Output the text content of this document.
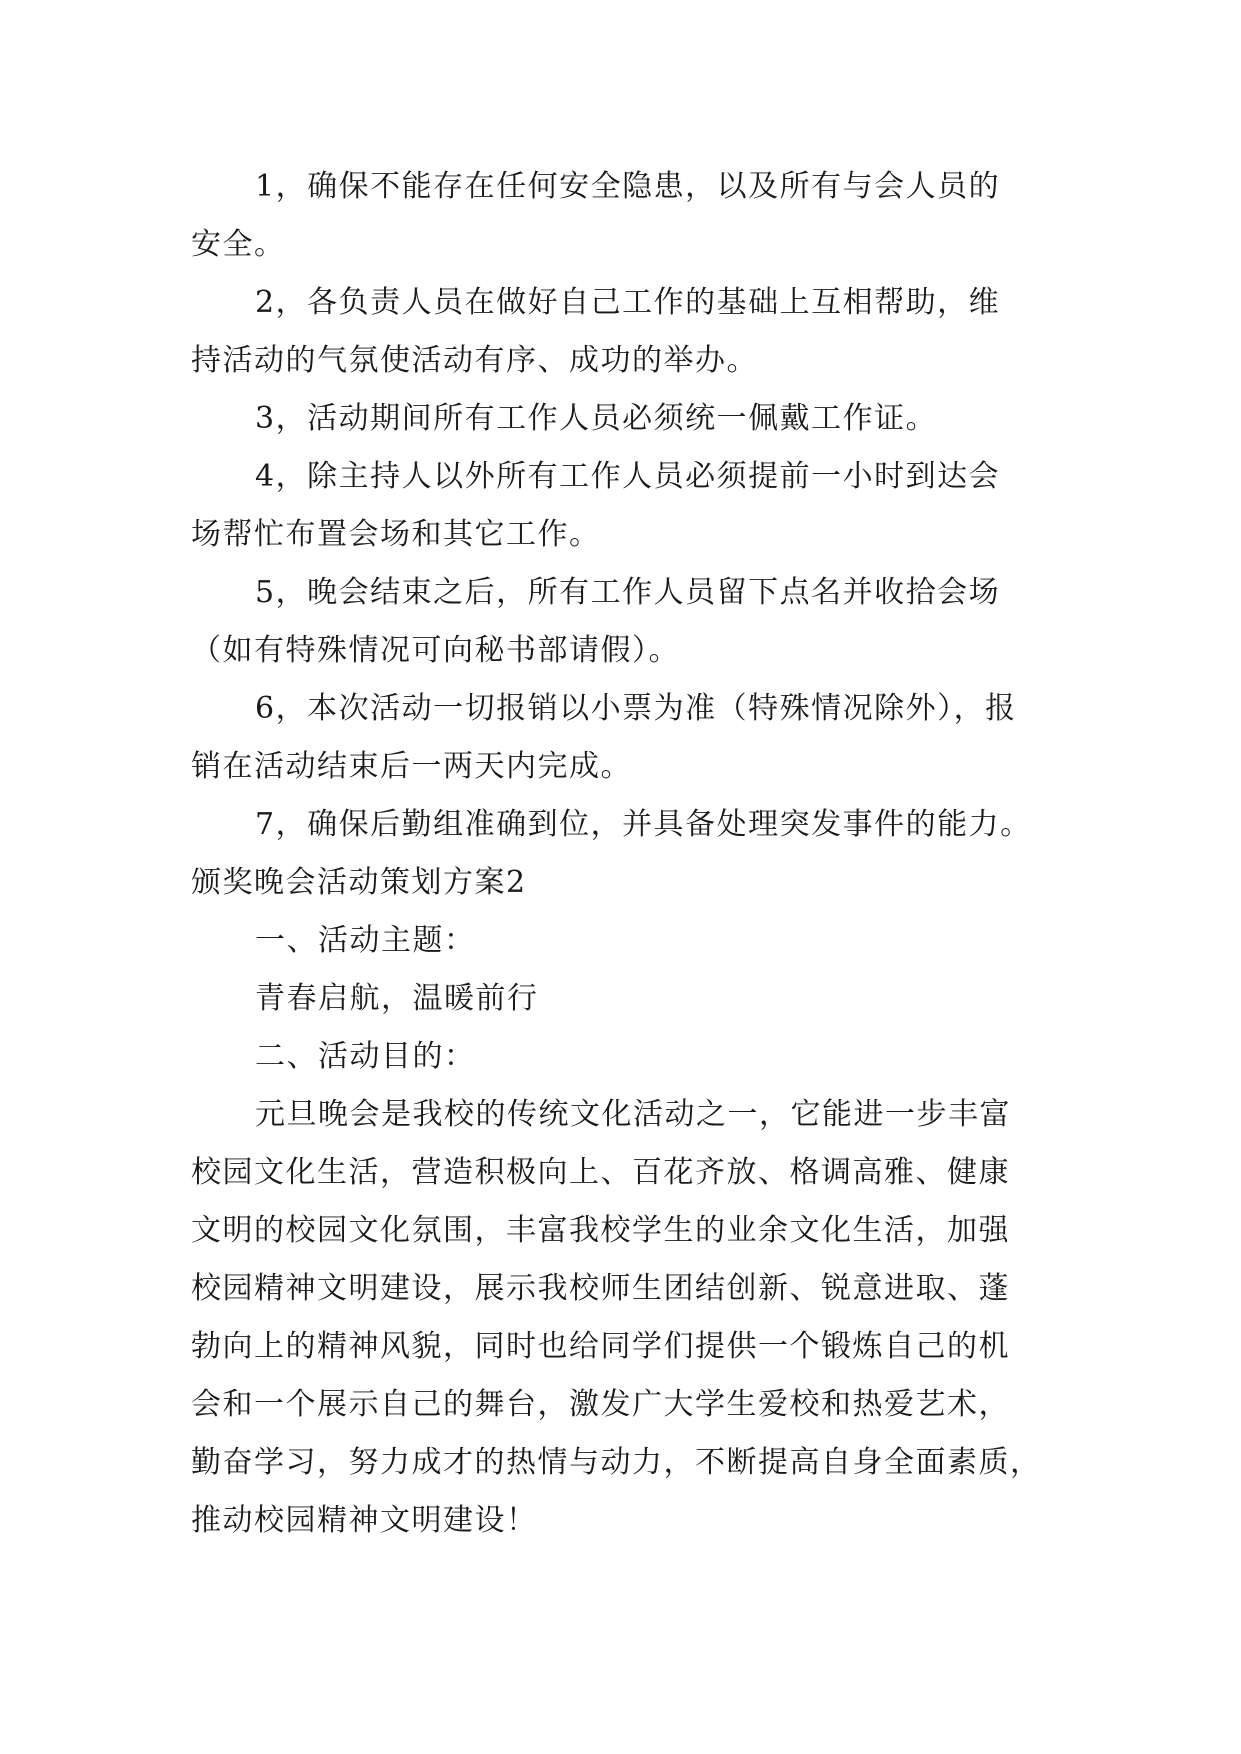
1，确保不能存在任何安全隐患，以及所有与会人员的
安全。
2，各负责人员在做好自己工作的基础上互相帮助，维
持活动的气氛使活动有序、成功的举办。
3，活动期间所有工作人员必须统一佩戴工作证。
4，除主持人以外所有工作人员必须提前一小时到达会
场帮忙布置会场和其它工作。
5，晚会结束之后，所有工作人员留下点名并收拾会场
（如有特殊情况可向秘书部请假）。
6，本次活动一切报销以小票为准（特殊情况除外），报
销在活动结束后一两天内完成。
7，确保后勤组准确到位，并具备处理突发事件的能力。
颁奖晚会活动策划方案2
一、活动主题：
青春启航，温暖前行
二、活动目的：
元旦晚会是我校的传统文化活动之一，它能进一步丰富
校园文化生活，营造积极向上、百花齐放、格调高雅、健康
文明的校园文化氛围，丰富我校学生的业余文化生活，加强
校园精神文明建设，展示我校师生团结创新、锐意进取、蓬
勃向上的精神风貌，同时也给同学们提供一个锻炼自己的机
会和一个展示自己的舞台，激发广大学生爱校和热爱艺术，
勤奋学习，努力成才的热情与动力，不断提高自身全面素质，
推动校园精神文明建设！
